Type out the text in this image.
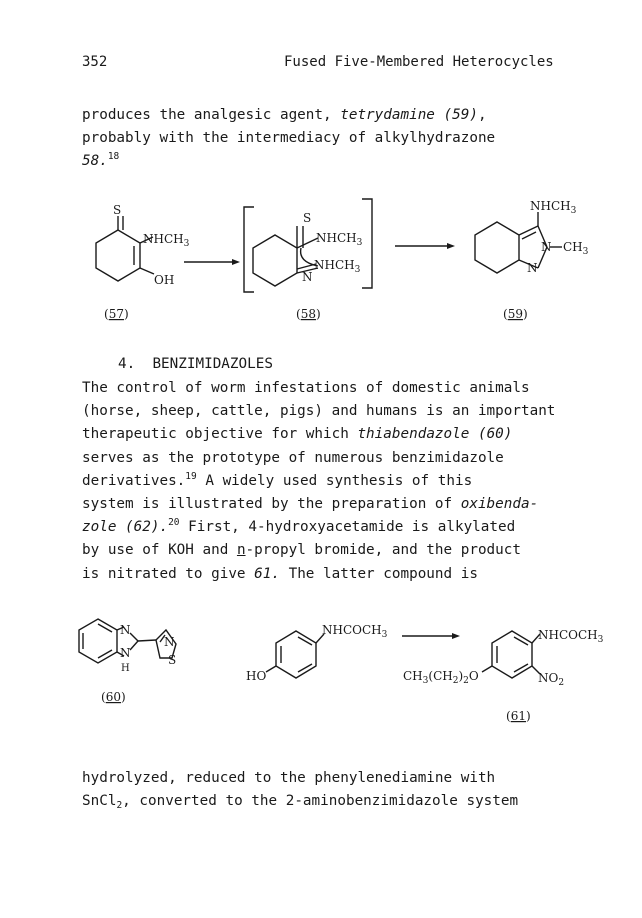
352	Fused Five-Membered Heterocycles

produces the analgesic agent, tetrydamine (59),

probably with the intermediacy of alkylhydrazone

58.18

S
$NHCH_3$
OH
(57)
S
$NHCH_3$
N
$NHCH_3$
(58)
$NHCH_3$
N $CH_3$
N
(59)

4. BENZIMIDAZOLES

The control of worm infestations of domestic animals

(horse, sheep, cattle, pigs) and humans is an important

therapeutic objective for which thiabendazole (60)

serves as the prototype of numerous benzimidazole

derivatives.$^{19}$ A widely used synthesis of this

system is illustrated by the preparation of oxibenda-

zole (62).$^{20}$ First, 4-hydroxyacetamide is alkylated

by use of KOH and n-propyl bromide, and the product

is nitrated to give 61. The latter compound is

N
N
H
N
S
(60)
$NHCOCH_3$
HO
$NHCOCH_3$
$NO_2$
$CH_3(CH_2)_2O$
(61)

hydrolyzed, reduced to the phenylenediamine with

SnCl$_2$, converted to the 2-aminobenzimidazole system
